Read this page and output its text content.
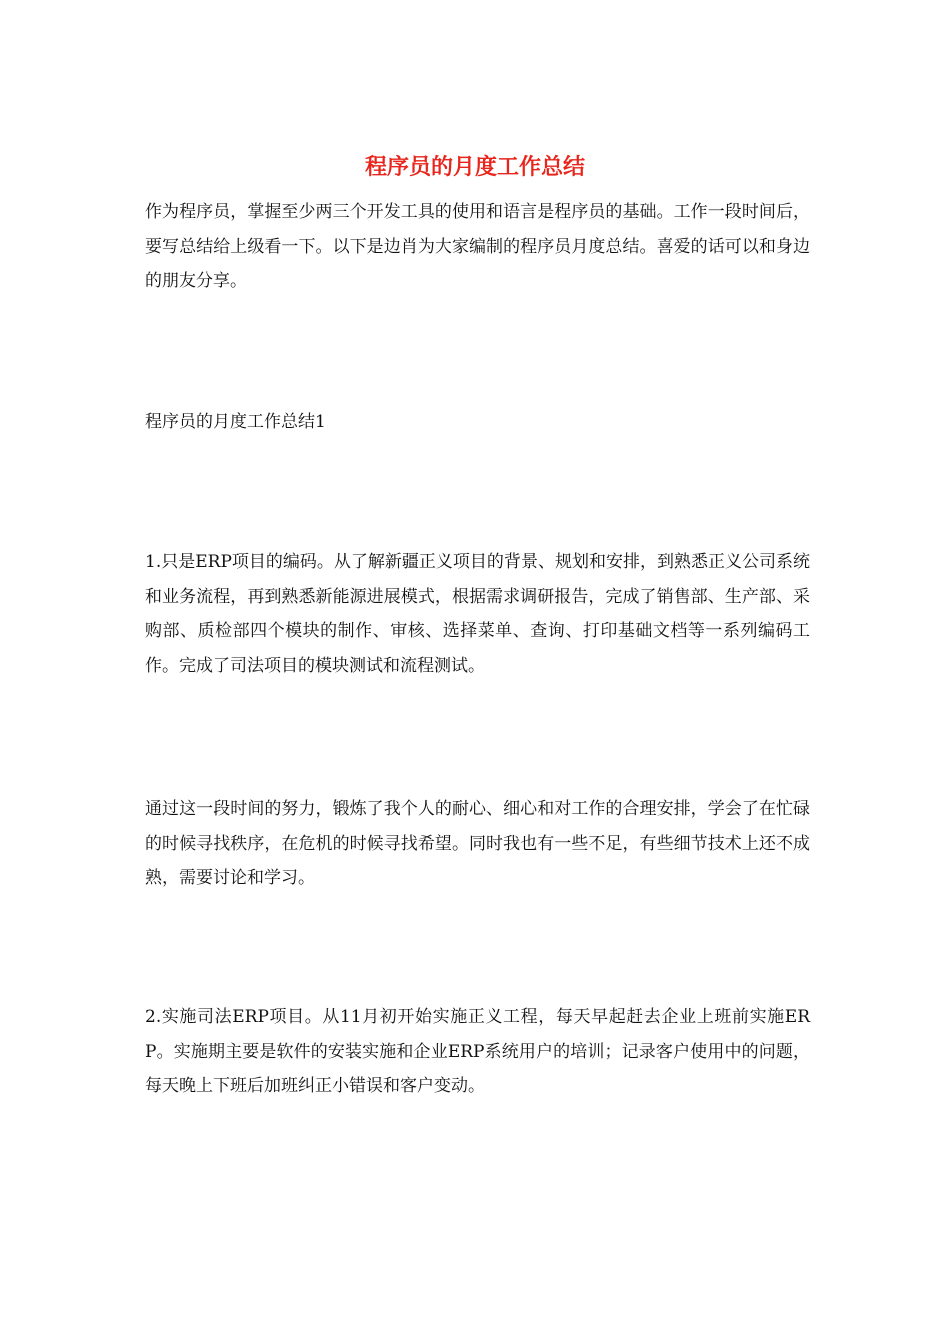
程序员的月度工作总结

作为程序员，掌握至少两三个开发工具的使用和语言是程序员的基础。工作一段时间后，要写总结给上级看一下。以下是边肖为大家编制的程序员月度总结。喜爱的话可以和身边的朋友分享。

程序员的月度工作总结1

1.只是ERP项目的编码。从了解新疆正义项目的背景、规划和安排，到熟悉正义公司系统和业务流程，再到熟悉新能源进展模式，根据需求调研报告，完成了销售部、生产部、采购部、质检部四个模块的制作、审核、选择菜单、查询、打印基础文档等一系列编码工作。完成了司法项目的模块测试和流程测试。

通过这一段时间的努力，锻炼了我个人的耐心、细心和对工作的合理安排，学会了在忙碌的时候寻找秩序，在危机的时候寻找希望。同时我也有一些不足，有些细节技术上还不成熟，需要讨论和学习。

2.实施司法ERP项目。从11月初开始实施正义工程，每天早起赶去企业上班前实施ERP。实施期主要是软件的安装实施和企业ERP系统用户的培训；记录客户使用中的问题，每天晚上下班后加班纠正小错误和客户变动。
